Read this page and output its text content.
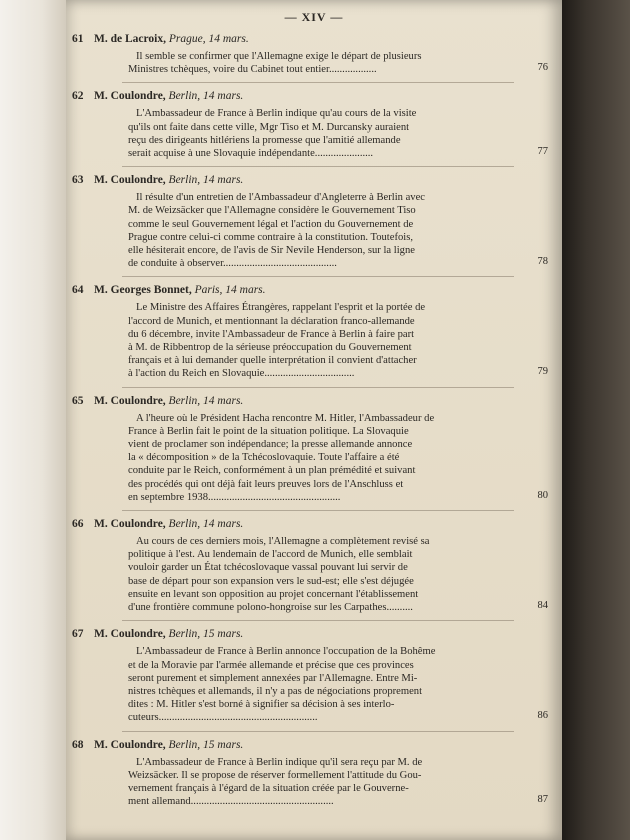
— XIV —
61 M. de Lacroix, Prague, 14 mars.
Il semble se confirmer que l'Allemagne exige le départ de plusieurs
Ministres tchèques, voire du Cabinet tout entier..................	76
62 M. Coulondre, Berlin, 14 mars.
L'Ambassadeur de France à Berlin indique qu'au cours de la visite
qu'ils ont faite dans cette ville, Mgr Tiso et M. Durcansky auraient
reçu des dirigeants hitlériens la promesse que l'amitié allemande
serait acquise à une Slovaquie indépendante......................	77
63 M. Coulondre, Berlin, 14 mars.
Il résulte d'un entretien de l'Ambassadeur d'Angleterre à Berlin avec
M. de Weizsäcker que l'Allemagne considère le Gouvernement Tiso
comme le seul Gouvernement légal et l'action du Gouvernement de
Prague contre celui-ci comme contraire à la constitution. Toutefois,
elle hésiterait encore, de l'avis de Sir Nevile Henderson, sur la ligne
de conduite à observer...........................................	78
64 M. Georges Bonnet, Paris, 14 mars.
Le Ministre des Affaires Étrangères, rappelant l'esprit et la portée de
l'accord de Munich, et mentionnant la déclaration franco-allemande
du 6 décembre, invite l'Ambassadeur de France à Berlin à faire part
à M. de Ribbentrop de la sérieuse préoccupation du Gouvernement
français et à lui demander quelle interprétation il convient d'attacher
à l'action du Reich en Slovaquie..................................	79
65 M. Coulondre, Berlin, 14 mars.
A l'heure où le Président Hacha rencontre M. Hitler, l'Ambassadeur de
France à Berlin fait le point de la situation politique. La Slovaquie
vient de proclamer son indépendance; la presse allemande annonce
la « décomposition » de la Tchécoslovaquie. Toute l'affaire a été
conduite par le Reich, conformément à un plan prémédité et suivant
des procédés qui ont déjà fait leurs preuves lors de l'Anschluss et
en septembre 1938..................................................	80
66 M. Coulondre, Berlin, 14 mars.
Au cours de ces derniers mois, l'Allemagne a complètement revisé sa
politique à l'est. Au lendemain de l'accord de Munich, elle semblait
vouloir garder un État tchécoslovaque vassal pouvant lui servir de
base de départ pour son expansion vers le sud-est; elle s'est déjugée
ensuite en levant son opposition au projet concernant l'établissement
d'une frontière commune polono-hongroise sur les Carpathes..........	84
67 M. Coulondre, Berlin, 15 mars.
L'Ambassadeur de France à Berlin annonce l'occupation de la Bohême
et de la Moravie par l'armée allemande et précise que ces provinces
seront purement et simplement annexées par l'Allemagne. Entre Mi-
nistres tchèques et allemands, il n'y a pas de négociations proprement
dites : M. Hitler s'est borné à signifier sa décision à ses interlo-
cuteurs............................................................	86
68 M. Coulondre, Berlin, 15 mars.
L'Ambassadeur de France à Berlin indique qu'il sera reçu par M. de
Weizsäcker. Il se propose de réserver formellement l'attitude du Gou-
vernement français à l'égard de la situation créée par le Gouverne-
ment allemand......................................................	87
